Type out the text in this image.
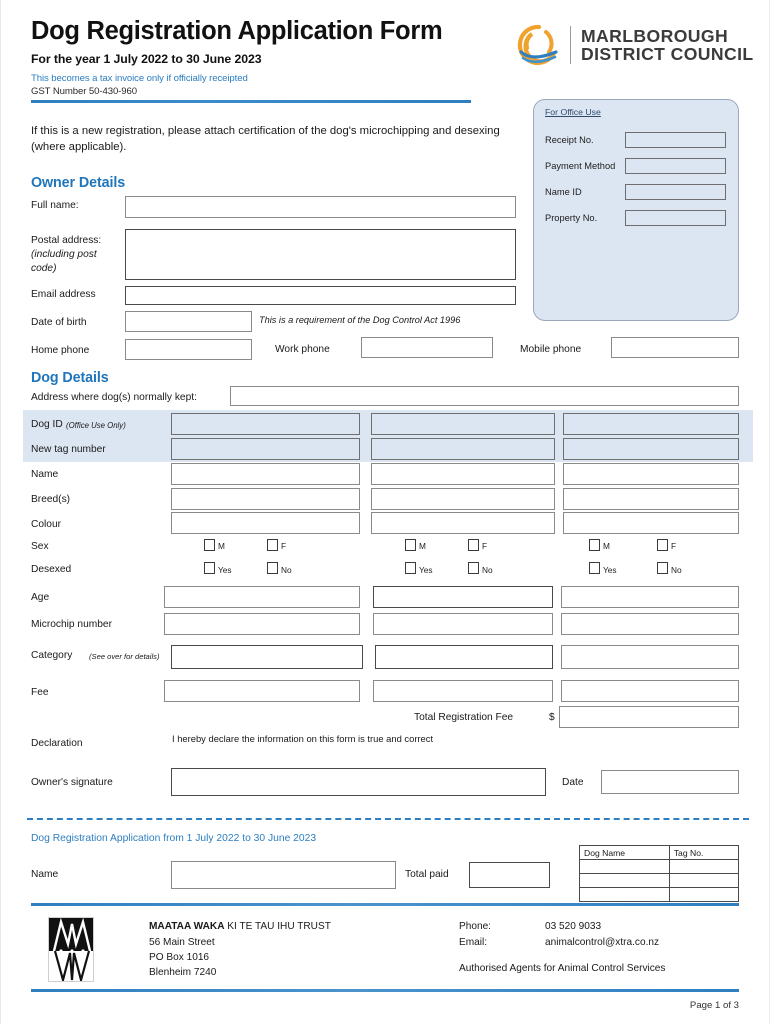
Dog Registration Application Form
For the year 1 July 2022 to 30 June 2023
This becomes a tax invoice only if officially receipted
GST Number 50-430-960
MARLBOROUGH
DISTRICT COUNCIL
If this is a new registration, please attach certification of the dog's microchipping and desexing (where applicable).
For Office Use
Receipt No.
Payment Method
Name ID
Property No.
Owner Details
Full name:
Postal address:
(including post
code)
Email address
Date of birth	This is a requirement of the Dog Control Act 1996
Home phone	Work phone	Mobile phone
Dog Details
Address where dog(s) normally kept:
Dog ID (Office Use Only)
New tag number
Name
Breed(s)
Colour
Sex	M	F	M	F	M	F
Desexed	Yes	No	Yes	No	Yes	No
Age
Microchip number
Category (See over for details)
Fee
Total Registration Fee	$
Declaration	I hereby declare the information on this form is true and correct
Owner's signature	Date
Dog Registration Application from 1 July 2022 to 30 June 2023
Name	Total paid
Dog Name	Tag No.

MAATAA WAKA KI TE TAU IHU TRUST
56 Main Street
PO Box 1016
Blenheim 7240
Phone:	03 520 9033
Email:	animalcontrol@xtra.co.nz
Authorised Agents for Animal Control Services
Page 1 of 3
